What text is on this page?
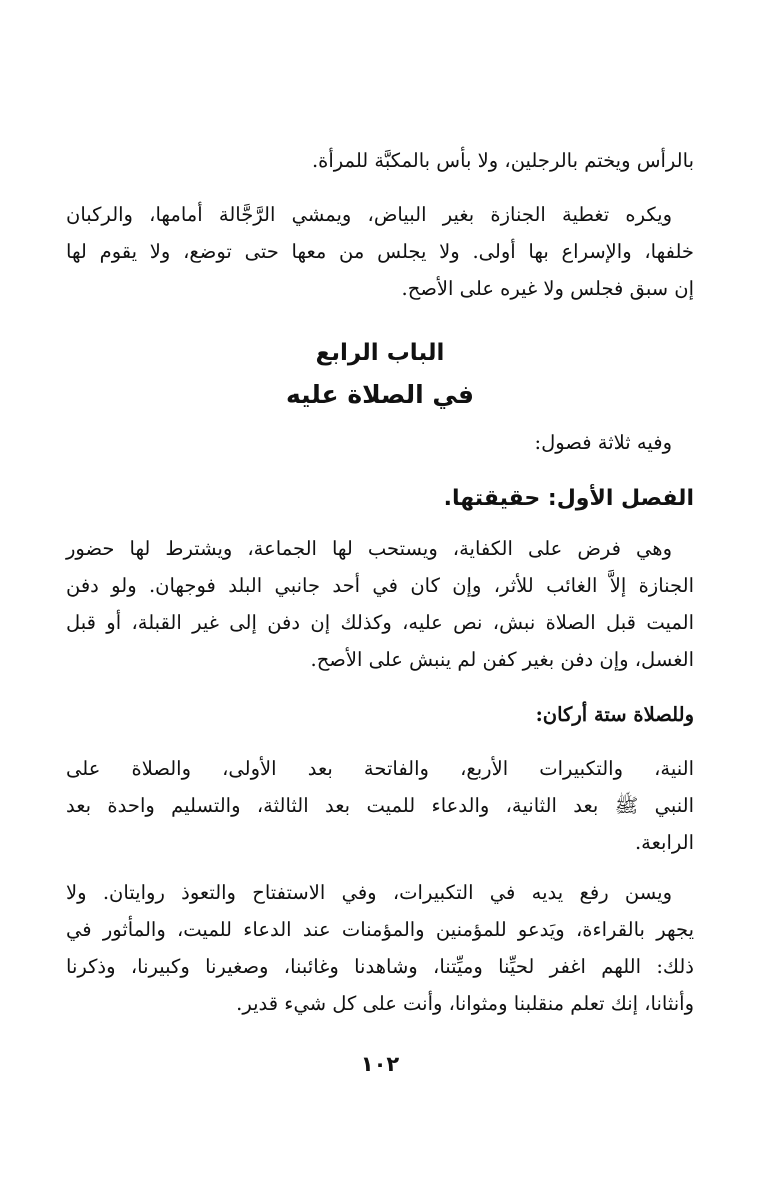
بالرأس ويختم بالرجلين، ولا بأس بالمكبَّة للمرأة.

ويكره تغطية الجنازة بغير البياض، ويمشي الرَّجَّالة أمامها، والركبان
خلفها، والإسراع بها أولى. ولا يجلس من معها حتى توضع، ولا يقوم لها
إن سبق فجلس ولا غيره على الأصح.

الباب الرابع
في الصلاة عليه

وفيه ثلاثة فصول:

الفصل الأول: حقيقتها.

وهي فرض على الكفاية، ويستحب لها الجماعة، ويشترط لها حضور
الجنازة إلاَّ الغائب للأثر، وإن كان في أحد جانبي البلد فوجهان. ولو دفن
الميت قبل الصلاة نبش، نص عليه، وكذلك إن دفن إلى غير القبلة، أو قبل
الغسل، وإن دفن بغير كفن لم ينبش على الأصح.

وللصلاة ستة أركان:

النية، والتكبيرات الأربع، والفاتحة بعد الأولى، والصلاة على
النبي ﷺ بعد الثانية، والدعاء للميت بعد الثالثة، والتسليم واحدة بعد
الرابعة.

ويسن رفع يديه في التكبيرات، وفي الاستفتاح والتعوذ روايتان. ولا
يجهر بالقراءة، ويَدعو للمؤمنين والمؤمنات عند الدعاء للميت، والمأثور في
ذلك: اللهم اغفر لحيِّنا وميِّتنا، وشاهدنا وغائبنا، وصغيرنا وكبيرنا، وذكرنا
وأنثانا، إنك تعلم منقلبنا ومثوانا، وأنت على كل شيء قدير.

١٠٢
